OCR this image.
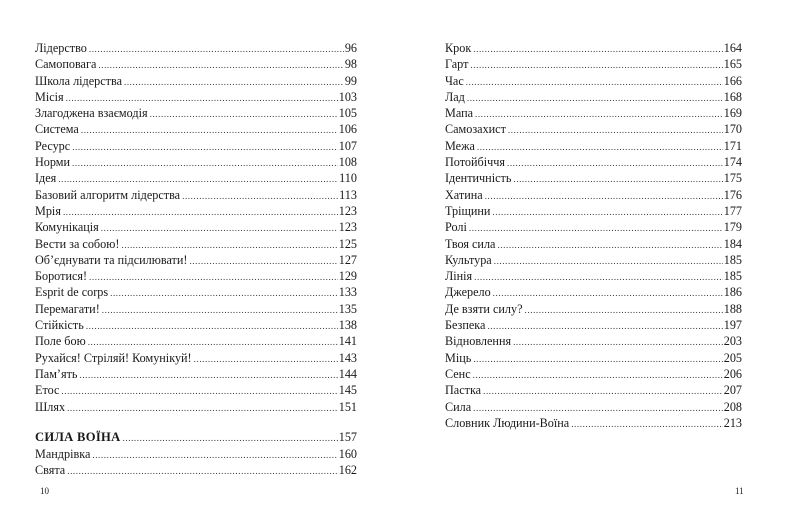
Лідерство .....	96
Самоповага .....	98
Школа лідерства .....	99
Місія .....	103
Злагоджена взаємодія .....	105
Система .....	106
Ресурс .....	107
Норми .....	108
Ідея .....	110
Базовий алгоритм лідерства .....	113
Мрія .....	123
Комунікація .....	123
Вести за собою! .....	125
Об’єднувати та підсилювати! .....	127
Боротися! .....	129
Esprit de corps .....	133
Перемагати! .....	135
Стійкість .....	138
Поле бою .....	141
Рухайся! Стріляй! Комунікуй! .....	143
Пам’ять .....	144
Етос .....	145
Шлях .....	151
СИЛА ВОЇНА .....	157
Мандрівка .....	160
Свята .....	162
10
Крок .....	164
Гарт .....	165
Час .....	166
Лад .....	168
Мапа .....	169
Самозахист .....	170
Межа .....	171
Потойбіччя .....	174
Ідентичність .....	175
Хатина .....	176
Тріщини .....	177
Ролі .....	179
Твоя сила .....	184
Культура .....	185
Лінія .....	185
Джерело .....	186
Де взяти силу? .....	188
Безпека .....	197
Відновлення .....	203
Міць .....	205
Сенс .....	206
Пастка .....	207
Сила .....	208
Словник Людини-Воїна .....	213
11
